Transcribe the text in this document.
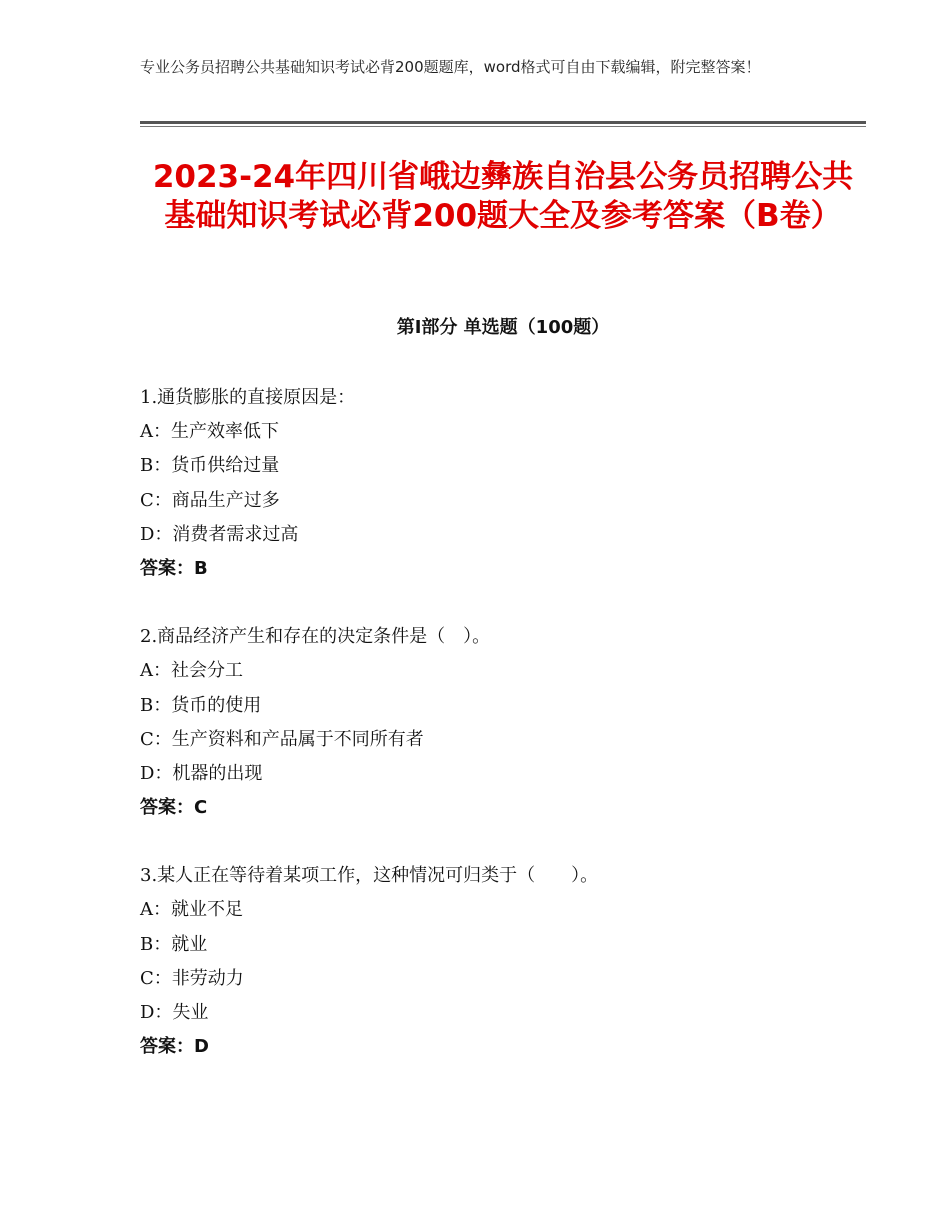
专业公务员招聘公共基础知识考试必背200题题库，word格式可自由下载编辑，附完整答案！
2023-24年四川省峨边彝族自治县公务员招聘公共基础知识考试必背200题大全及参考答案（B卷）
第Ⅰ部分 单选题（100题）
1.通货膨胀的直接原因是：
A：生产效率低下
B：货币供给过量
C：商品生产过多
D：消费者需求过高
答案：B
2.商品经济产生和存在的决定条件是（　）。
A：社会分工
B：货币的使用
C：生产资料和产品属于不同所有者
D：机器的出现
答案：C
3.某人正在等待着某项工作，这种情况可归类于（　　）。
A：就业不足
B：就业
C：非劳动力
D：失业
答案：D
